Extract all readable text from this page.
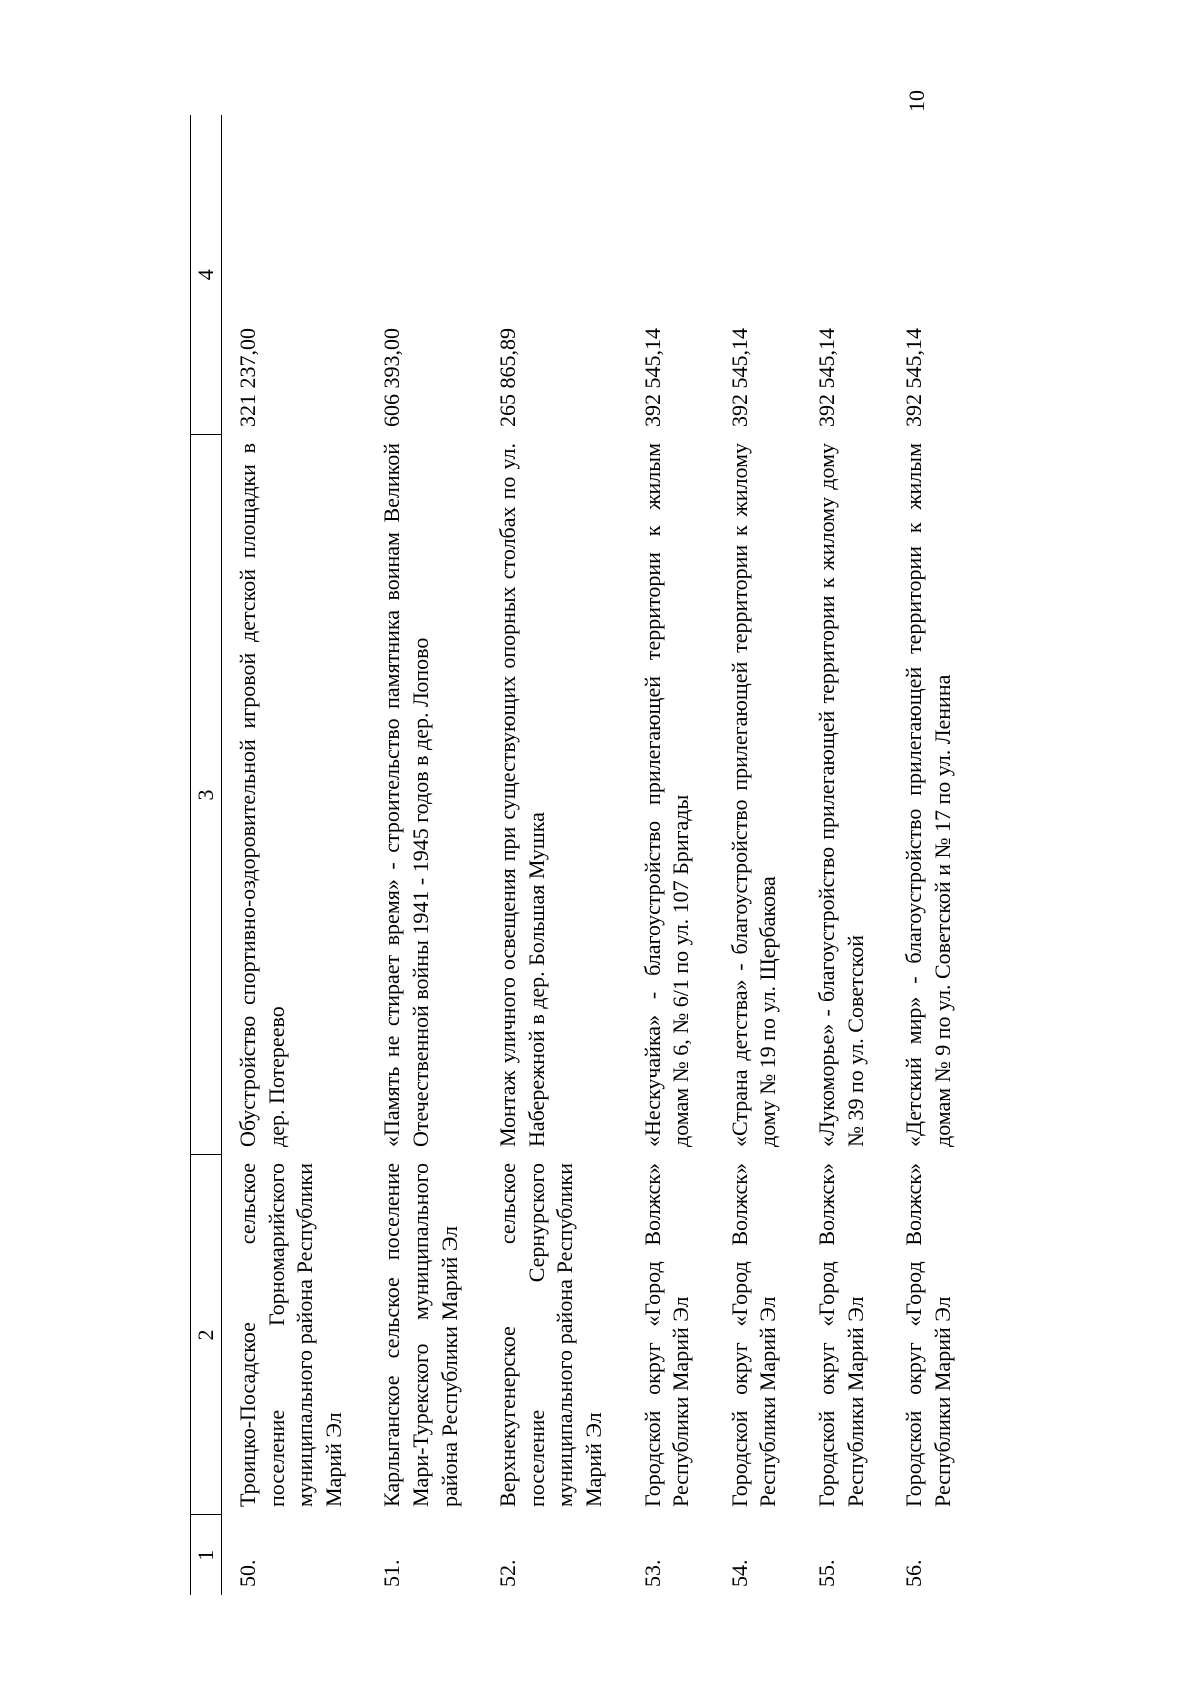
10
1	2	3	4
50.	Троицко-Посадское сельское поселение Горномарийского муниципального района Республики Марий Эл	Обустройство спортивно-оздоровительной игровой детской площадки в дер. Потереево	321 237,00
51.	Карлыганское сельское поселение Мари-Турекского муниципального района Республики Марий Эл	«Память не стирает время» - строительство памятника воинам Великой Отечественной войны 1941 - 1945 годов в дер. Лопово	606 393,00
52.	Верхнекугенерское сельское поселение Сернурского муниципального района Республики Марий Эл	Монтаж уличного освещения при существующих опорных столбах по ул. Набережной в дер. Большая Мушка	265 865,89
53.	Городской округ «Город Волжск» Республики Марий Эл	«Нескучайка» - благоустройство прилегающей территории к жилым домам № 6, № 6/1 по ул. 107 Бригады	392 545,14
54.	Городской округ «Город Волжск» Республики Марий Эл	«Страна детства» - благоустройство прилегающей территории к жилому дому № 19 по ул. Щербакова	392 545,14
55.	Городской округ «Город Волжск» Республики Марий Эл	«Лукоморье» - благоустройство прилегающей территории к жилому дому № 39 по ул. Советской	392 545,14
56.	Городской округ «Город Волжск» Республики Марий Эл	«Детский мир» - благоустройство прилегающей территории к жилым домам № 9 по ул. Советской и № 17 по ул. Ленина	392 545,14
